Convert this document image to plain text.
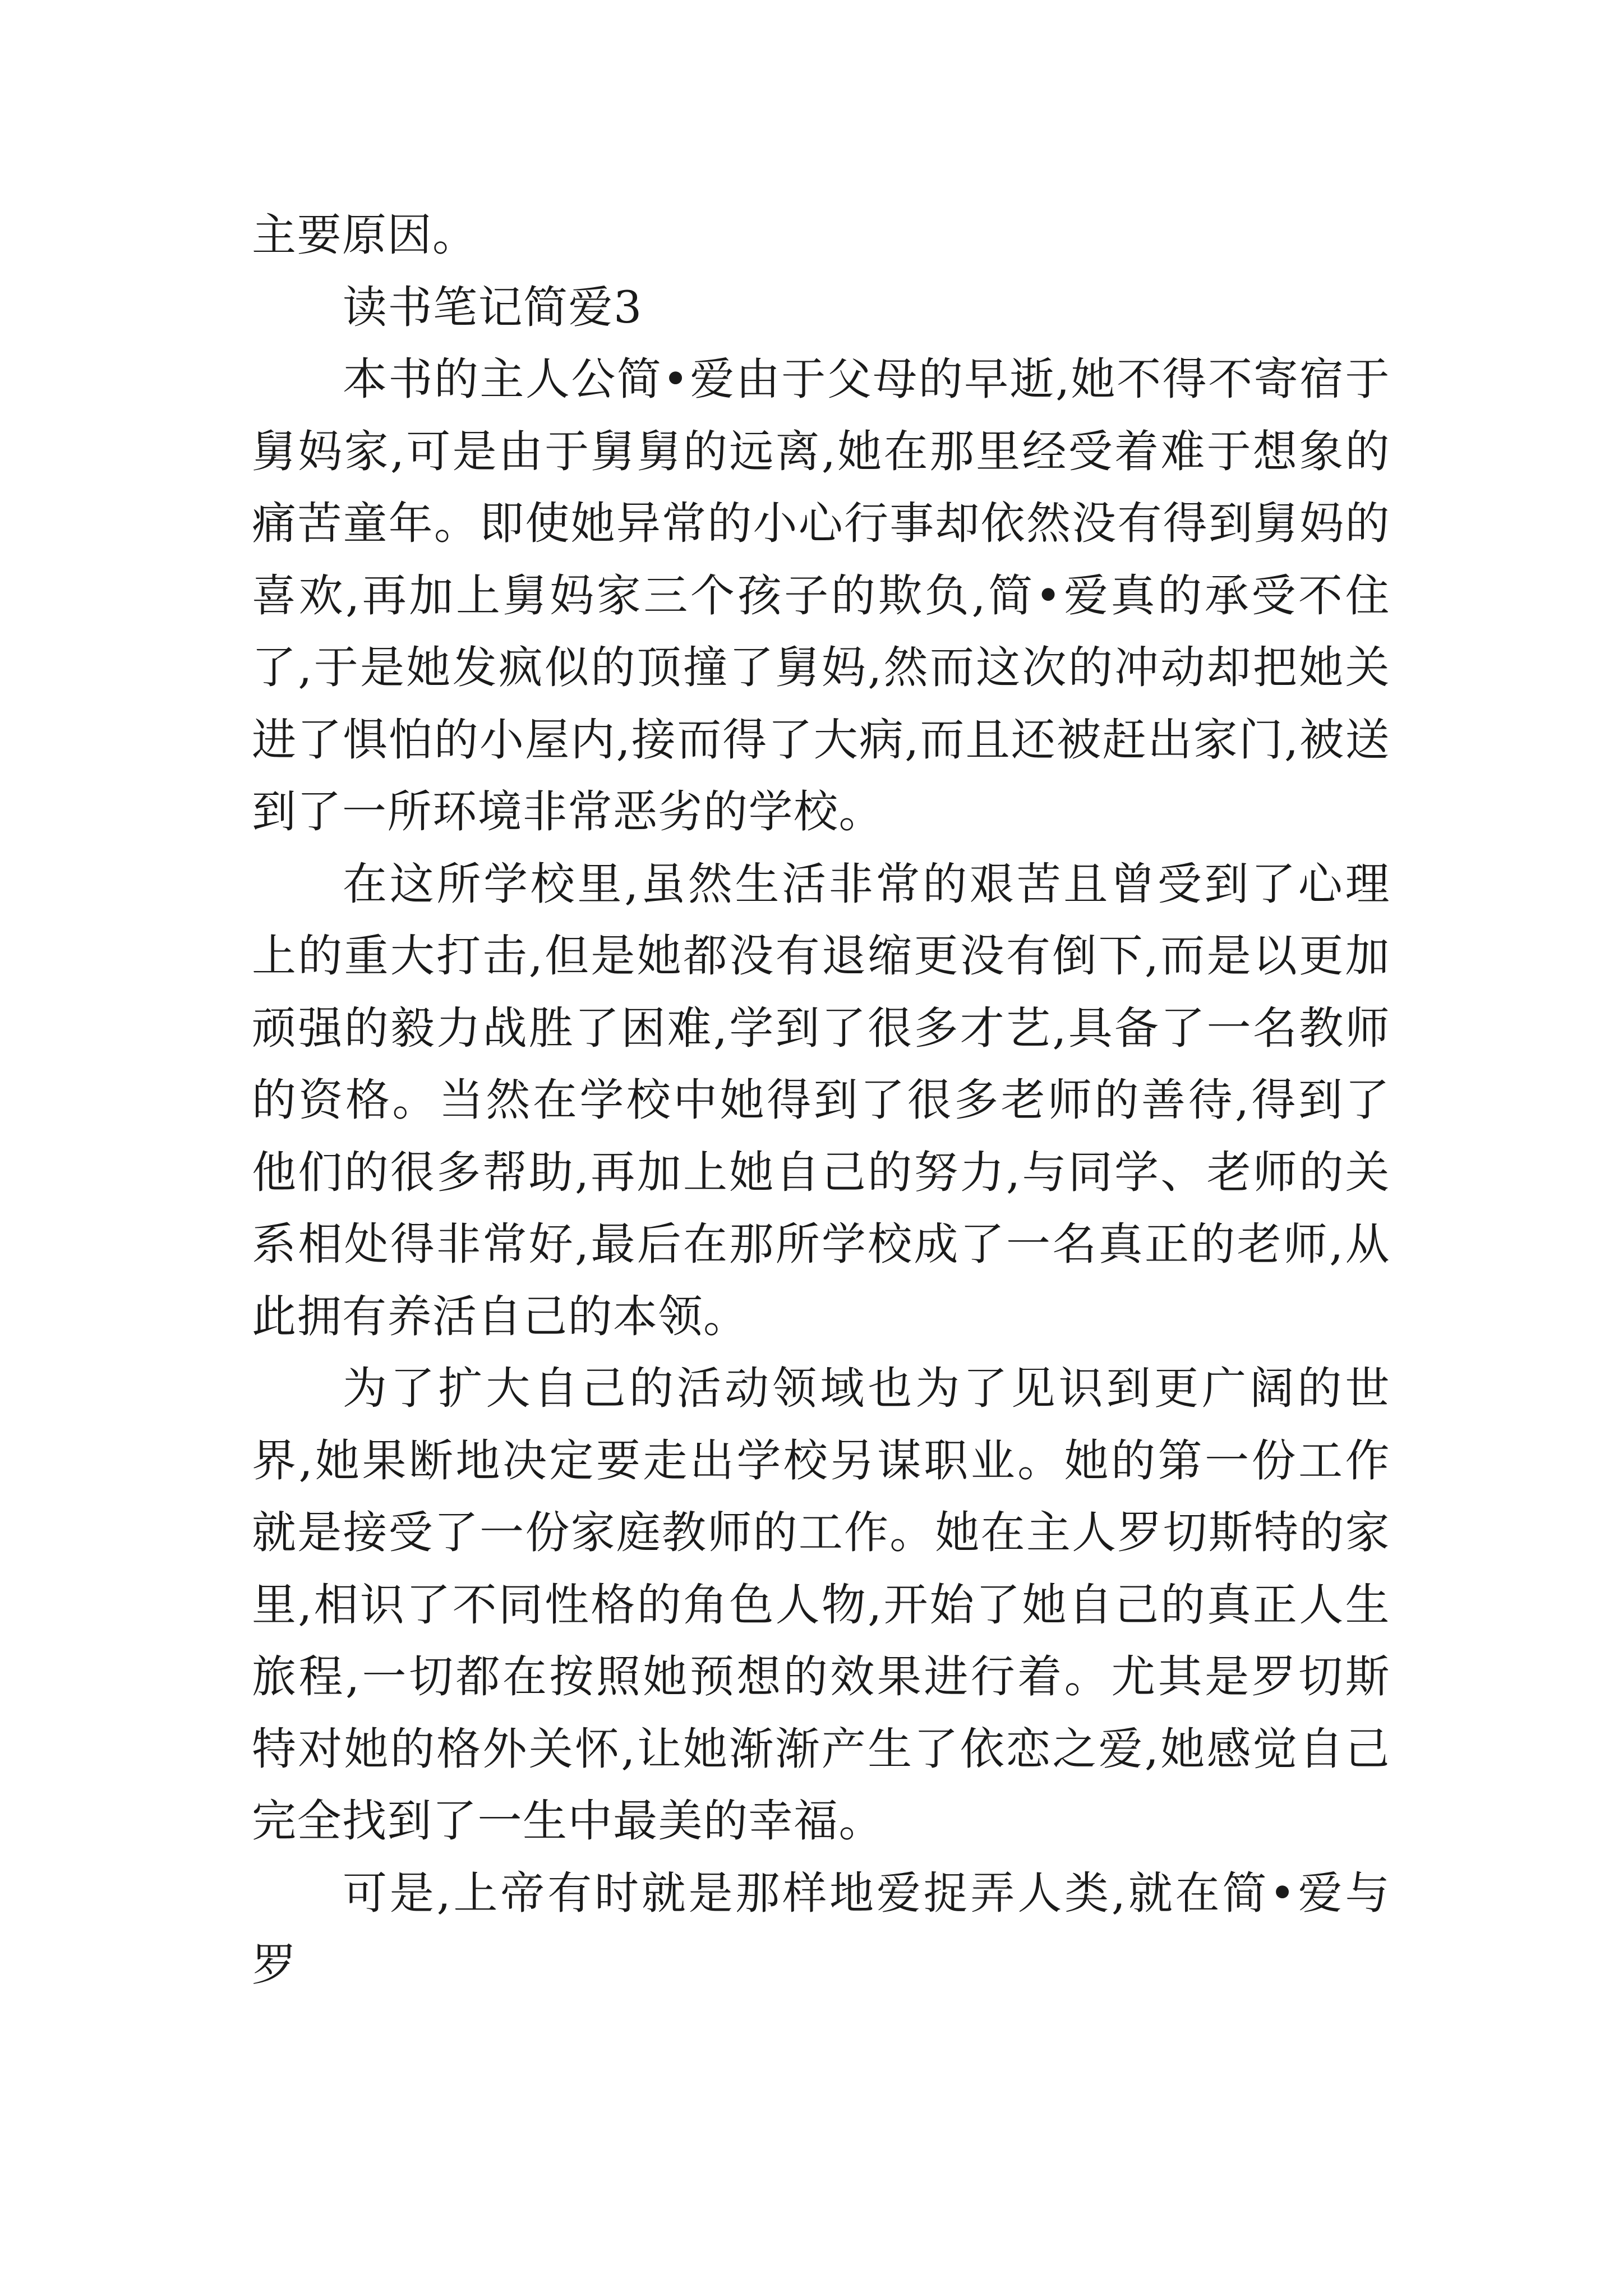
主要原因。

读书笔记简爱3

本书的主人公简•爱由于父母的早逝,她不得不寄宿于舅妈家,可是由于舅舅的远离,她在那里经受着难于想象的痛苦童年。即使她异常的小心行事却依然没有得到舅妈的喜欢,再加上舅妈家三个孩子的欺负,简•爱真的承受不住了,于是她发疯似的顶撞了舅妈,然而这次的冲动却把她关进了惧怕的小屋内,接而得了大病,而且还被赶出家门,被送到了一所环境非常恶劣的学校。

在这所学校里,虽然生活非常的艰苦且曾受到了心理上的重大打击,但是她都没有退缩更没有倒下,而是以更加顽强的毅力战胜了困难,学到了很多才艺,具备了一名教师的资格。当然在学校中她得到了很多老师的善待,得到了他们的很多帮助,再加上她自己的努力,与同学、老师的关系相处得非常好,最后在那所学校成了一名真正的老师,从此拥有养活自己的本领。

为了扩大自己的活动领域也为了见识到更广阔的世界,她果断地决定要走出学校另谋职业。她的第一份工作就是接受了一份家庭教师的工作。她在主人罗切斯特的家里,相识了不同性格的角色人物,开始了她自己的真正人生旅程,一切都在按照她预想的效果进行着。尤其是罗切斯特对她的格外关怀,让她渐渐产生了依恋之爱,她感觉自己完全找到了一生中最美的幸福。

可是,上帝有时就是那样地爱捉弄人类,就在简•爱与罗
